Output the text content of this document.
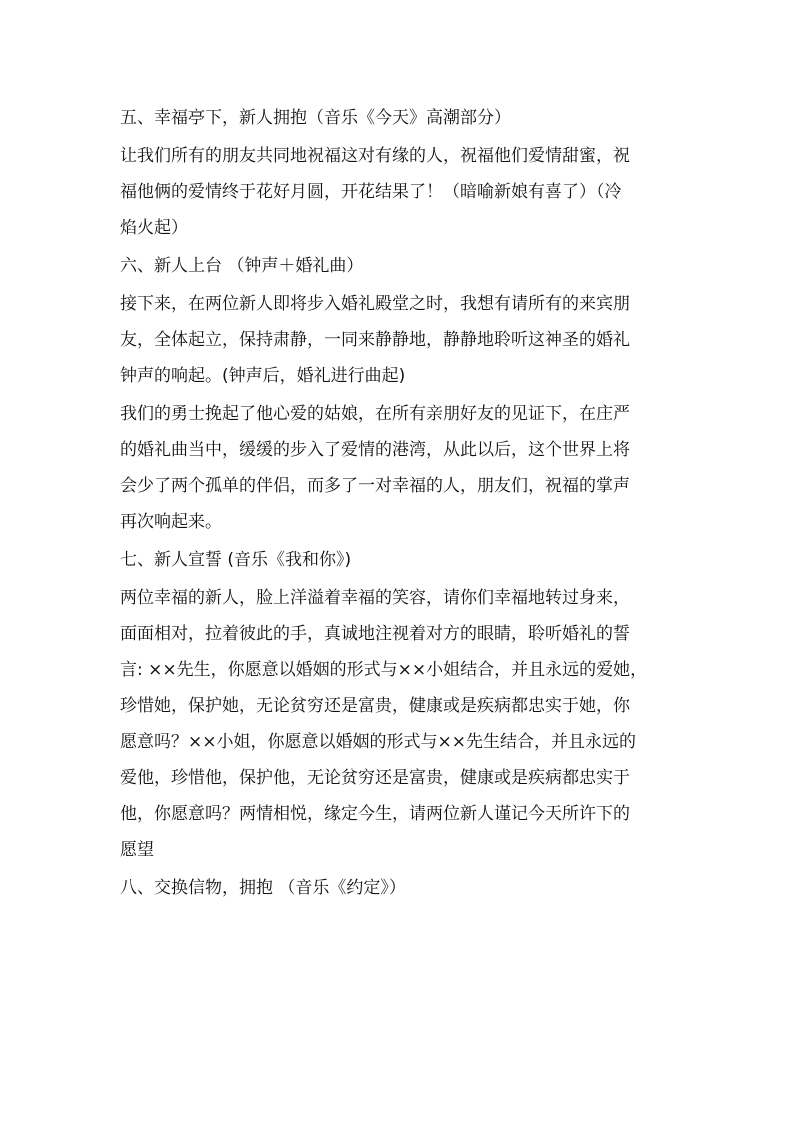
五、幸福亭下，新人拥抱（音乐《今天》高潮部分）

让我们所有的朋友共同地祝福这对有缘的人，祝福他们爱情甜蜜，祝
福他俩的爱情终于花好月圆，开花结果了！（暗喻新娘有喜了）（冷
焰火起）

六、新人上台 （钟声＋婚礼曲）

接下来，在两位新人即将步入婚礼殿堂之时，我想有请所有的来宾朋
友，全体起立，保持肃静，一同来静静地，静静地聆听这神圣的婚礼
钟声的响起。(钟声后，婚礼进行曲起)

我们的勇士挽起了他心爱的姑娘，在所有亲朋好友的见证下，在庄严
的婚礼曲当中，缓缓的步入了爱情的港湾，从此以后，这个世界上将
会少了两个孤单的伴侣，而多了一对幸福的人，朋友们，祝福的掌声
再次响起来。

七、新人宣誓 (音乐《我和你》)

两位幸福的新人，脸上洋溢着幸福的笑容，请你们幸福地转过身来，
面面相对，拉着彼此的手，真诚地注视着对方的眼睛，聆听婚礼的誓
言: ××先生，你愿意以婚姻的形式与××小姐结合，并且永远的爱她，
珍惜她，保护她，无论贫穷还是富贵，健康或是疾病都忠实于她，你
愿意吗？××小姐，你愿意以婚姻的形式与××先生结合，并且永远的
爱他，珍惜他，保护他，无论贫穷还是富贵，健康或是疾病都忠实于
他，你愿意吗？两情相悦，缘定今生，请两位新人谨记今天所许下的
愿望

八、交换信物，拥抱 （音乐《约定》）
